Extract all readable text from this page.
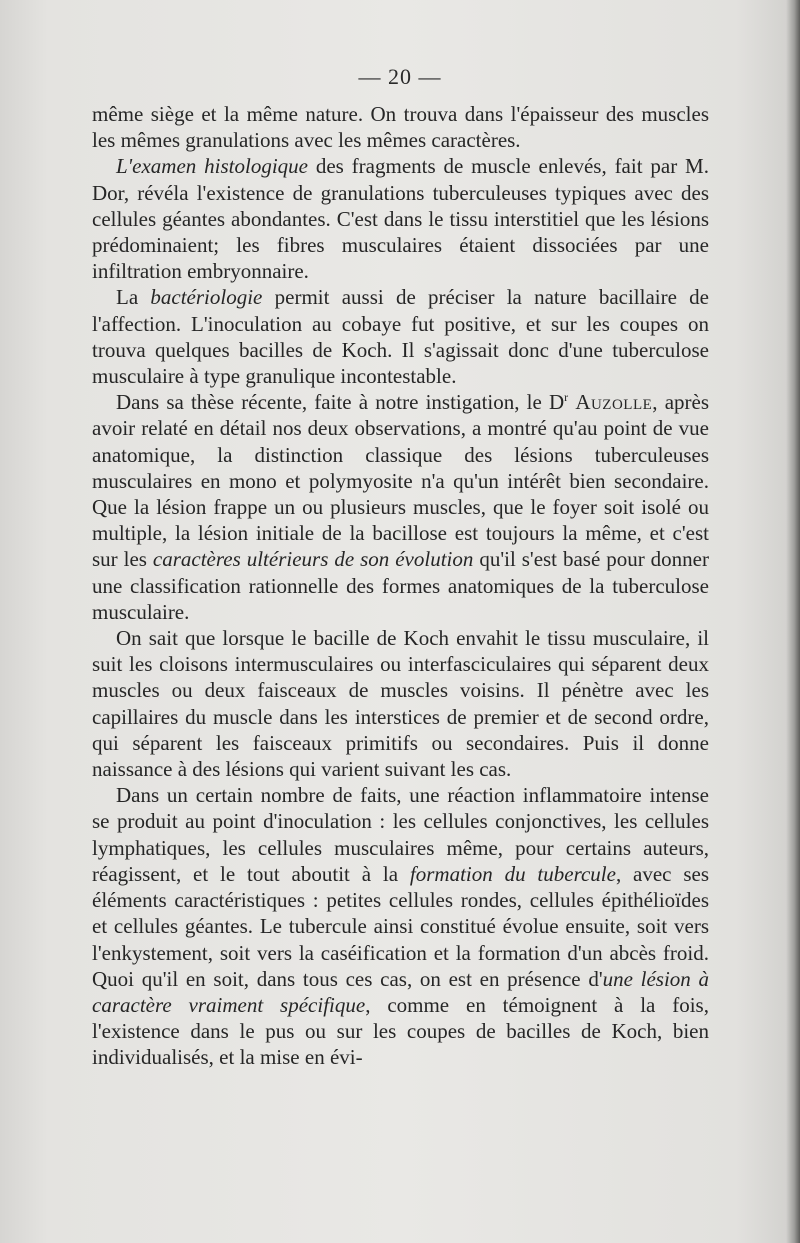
— 20 —

même siège et la même nature. On trouva dans l'épaisseur des muscles les mêmes granulations avec les mêmes caractères.

L'examen histologique des fragments de muscle enlevés, fait par M. Dor, révéla l'existence de granulations tuberculeuses typiques avec des cellules géantes abondantes. C'est dans le tissu interstitiel que les lésions prédominaient; les fibres musculaires étaient dissociées par une infiltration embryonnaire.

La bactériologie permit aussi de préciser la nature bacillaire de l'affection. L'inoculation au cobaye fut positive, et sur les coupes on trouva quelques bacilles de Koch. Il s'agissait donc d'une tuberculose musculaire à type granulique incontestable.

Dans sa thèse récente, faite à notre instigation, le $D^r$ Auzolle, après avoir relaté en détail nos deux observations, a montré qu'au point de vue anatomique, la distinction classique des lésions tuberculeuses musculaires en mono et polymyosite n'a qu'un intérêt bien secondaire. Que la lésion frappe un ou plusieurs muscles, que le foyer soit isolé ou multiple, la lésion initiale de la bacillose est toujours la même, et c'est sur les caractères ultérieurs de son évolution qu'il s'est basé pour donner une classification rationnelle des formes anatomiques de la tuberculose musculaire.

On sait que lorsque le bacille de Koch envahit le tissu musculaire, il suit les cloisons intermusculaires ou interfasciculaires qui séparent deux muscles ou deux faisceaux de muscles voisins. Il pénètre avec les capillaires du muscle dans les interstices de premier et de second ordre, qui séparent les faisceaux primitifs ou secondaires. Puis il donne naissance à des lésions qui varient suivant les cas.

Dans un certain nombre de faits, une réaction inflammatoire intense se produit au point d'inoculation : les cellules conjonctives, les cellules lymphatiques, les cellules musculaires même, pour certains auteurs, réagissent, et le tout aboutit à la formation du tubercule, avec ses éléments caractéristiques : petites cellules rondes, cellules épithélioïdes et cellules géantes. Le tubercule ainsi constitué évolue ensuite, soit vers l'enkystement, soit vers la caséification et la formation d'un abcès froid. Quoi qu'il en soit, dans tous ces cas, on est en présence d'une lésion à caractère vraiment spécifique, comme en témoignent à la fois, l'existence dans le pus ou sur les coupes de bacilles de Koch, bien individualisés, et la mise en évi-
